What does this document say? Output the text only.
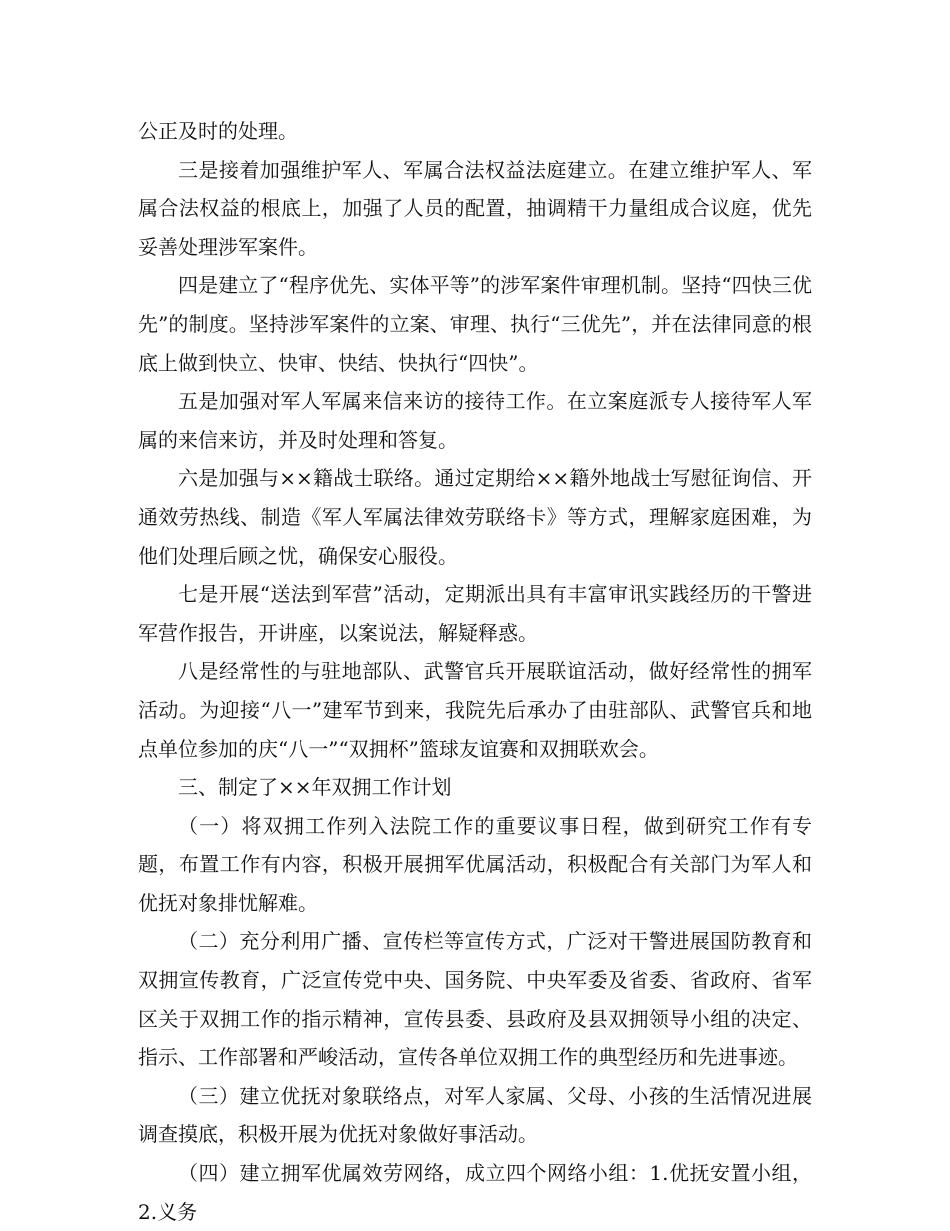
公正及时的处理。

三是接着加强维护军人、军属合法权益法庭建立。在建立维护军人、军属合法权益的根底上，加强了人员的配置，抽调精干力量组成合议庭，优先妥善处理涉军案件。

四是建立了“程序优先、实体平等”的涉军案件审理机制。坚持“四快三优先”的制度。坚持涉军案件的立案、审理、执行“三优先”，并在法律同意的根底上做到快立、快审、快结、快执行“四快”。

五是加强对军人军属来信来访的接待工作。在立案庭派专人接待军人军属的来信来访，并及时处理和答复。

六是加强与××籍战士联络。通过定期给××籍外地战士写慰征询信、开通效劳热线、制造《军人军属法律效劳联络卡》等方式，理解家庭困难，为他们处理后顾之忧，确保安心服役。

七是开展“送法到军营”活动，定期派出具有丰富审讯实践经历的干警进军营作报告，开讲座，以案说法，解疑释惑。

八是经常性的与驻地部队、武警官兵开展联谊活动，做好经常性的拥军活动。为迎接“八一”建军节到来，我院先后承办了由驻部队、武警官兵和地点单位参加的庆“八一”“双拥杯”篮球友谊赛和双拥联欢会。

三、制定了××年双拥工作计划

（一）将双拥工作列入法院工作的重要议事日程，做到研究工作有专题，布置工作有内容，积极开展拥军优属活动，积极配合有关部门为军人和优抚对象排忧解难。

（二）充分利用广播、宣传栏等宣传方式，广泛对干警进展国防教育和双拥宣传教育，广泛宣传党中央、国务院、中央军委及省委、省政府、省军区关于双拥工作的指示精神，宣传县委、县政府及县双拥领导小组的决定、指示、工作部署和严峻活动，宣传各单位双拥工作的典型经历和先进事迹。

（三）建立优抚对象联络点，对军人家属、父母、小孩的生活情况进展调查摸底，积极开展为优抚对象做好事活动。

（四）建立拥军优属效劳网络，成立四个网络小组：1.优抚安置小组，2.义务
